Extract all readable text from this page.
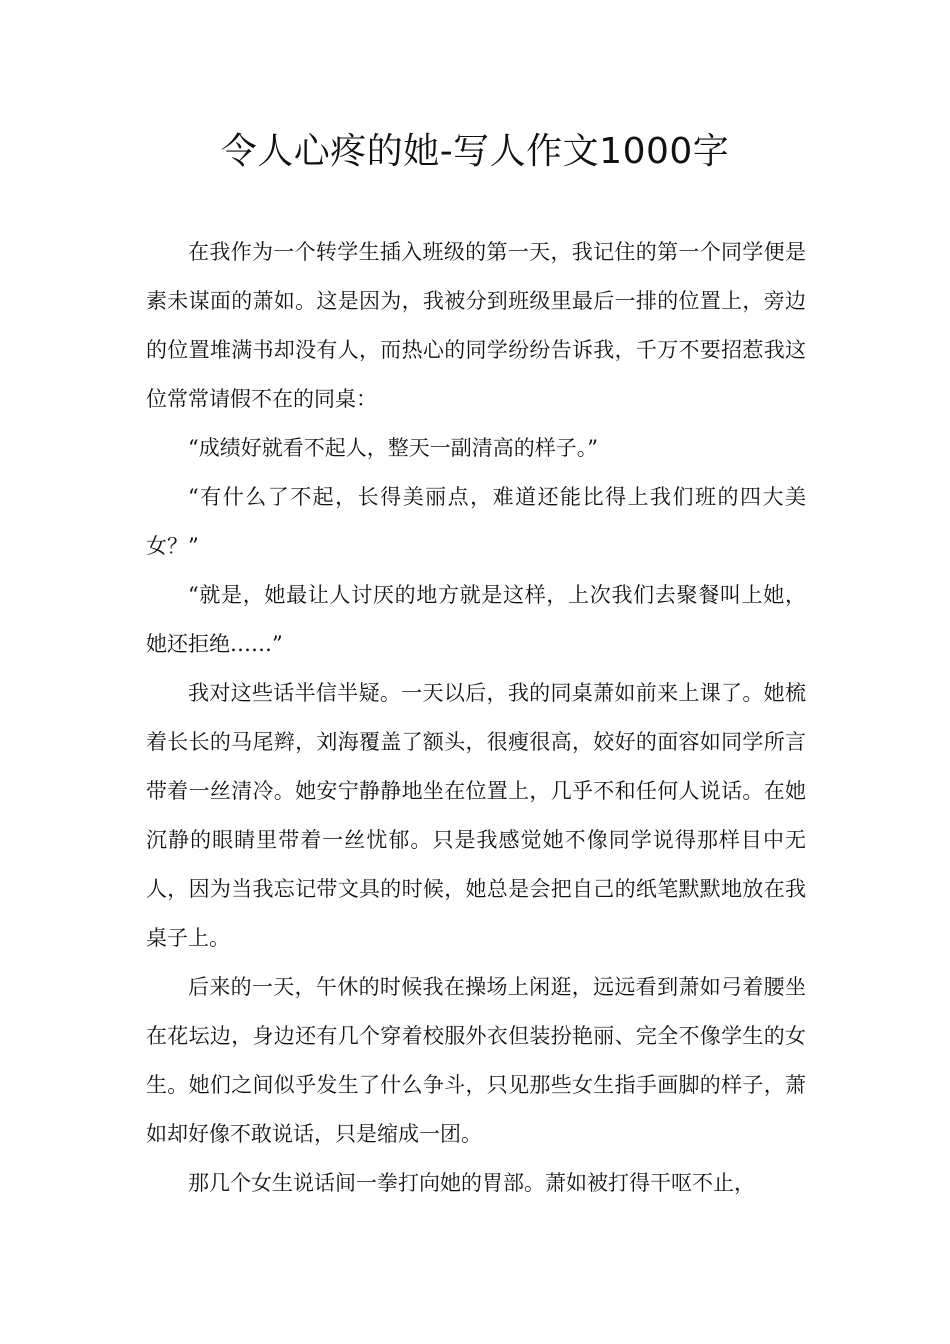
令人心疼的她-写人作文1000字

在我作为一个转学生插入班级的第一天，我记住的第一个同学便是素未谋面的萧如。这是因为，我被分到班级里最后一排的位置上，旁边的位置堆满书却没有人，而热心的同学纷纷告诉我，千万不要招惹我这位常常请假不在的同桌：

“成绩好就看不起人，整天一副清高的样子。”

“有什么了不起，长得美丽点，难道还能比得上我们班的四大美女？”

“就是，她最让人讨厌的地方就是这样，上次我们去聚餐叫上她，她还拒绝……”

我对这些话半信半疑。一天以后，我的同桌萧如前来上课了。她梳着长长的马尾辫，刘海覆盖了额头，很瘦很高，姣好的面容如同学所言带着一丝清冷。她安宁静静地坐在位置上，几乎不和任何人说话。在她沉静的眼睛里带着一丝忧郁。只是我感觉她不像同学说得那样目中无人，因为当我忘记带文具的时候，她总是会把自己的纸笔默默地放在我桌子上。

后来的一天，午休的时候我在操场上闲逛，远远看到萧如弓着腰坐在花坛边，身边还有几个穿着校服外衣但装扮艳丽、完全不像学生的女生。她们之间似乎发生了什么争斗，只见那些女生指手画脚的样子，萧如却好像不敢说话，只是缩成一团。

那几个女生说话间一拳打向她的胃部。萧如被打得干呕不止，
